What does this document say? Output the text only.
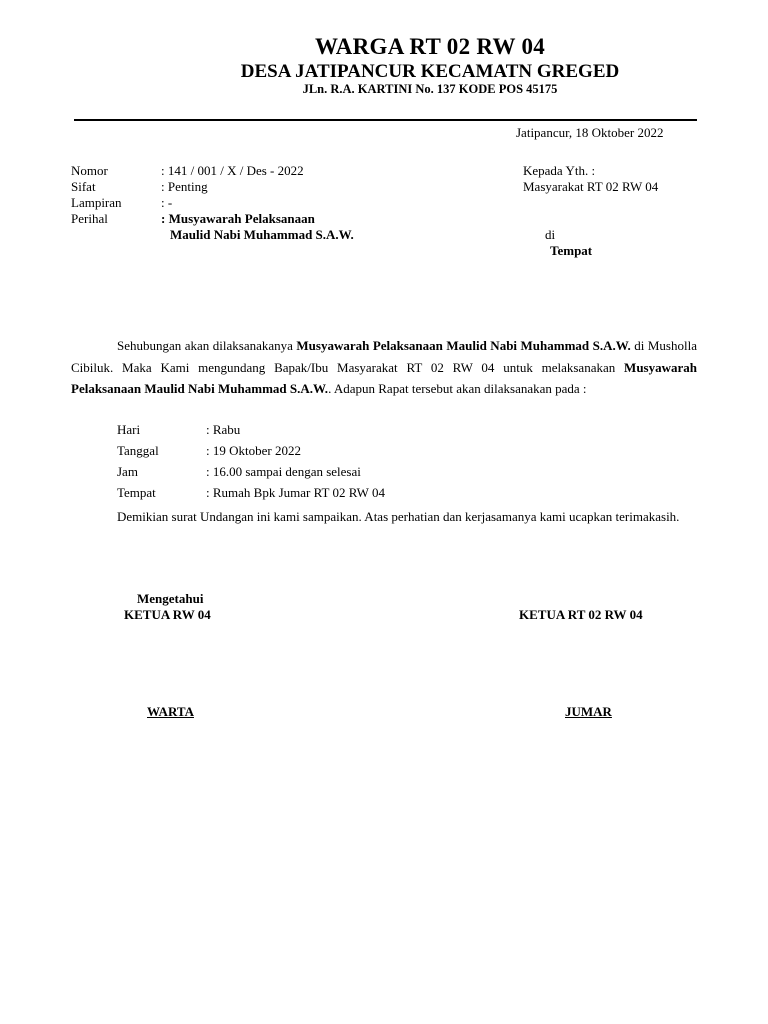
WARGA RT 02 RW 04
DESA JATIPANCUR KECAMATN GREGED
JLn. R.A. KARTINI No. 137 KODE POS 45175
Jatipancur, 18 Oktober 2022
Nomor	: 141 / 001 / X / Des - 2022
Sifat	: Penting
Lampiran	: -
Perihal	: Musyawarah Pelaksanaan
Maulid Nabi Muhammad S.A.W.
Kepada Yth. :
Masyarakat RT 02 RW 04
di
Tempat
Sehubungan akan dilaksanakanya Musyawarah Pelaksanaan Maulid Nabi Muhammad S.A.W. di Musholla Cibiluk. Maka Kami mengundang Bapak/Ibu Masyarakat RT 02 RW 04 untuk melaksanakan Musyawarah Pelaksanaan Maulid Nabi Muhammad S.A.W.. Adapun Rapat tersebut akan dilaksanakan pada :
Hari	: Rabu
Tanggal	: 19 Oktober 2022
Jam	: 16.00 sampai dengan selesai
Tempat	: Rumah Bpk Jumar RT 02 RW 04
Demikian surat Undangan ini kami sampaikan. Atas perhatian dan kerjasamanya kami ucapkan terimakasih.
Mengetahui
KETUA RW 04	KETUA RT 02 RW 04
WARTA	JUMAR
